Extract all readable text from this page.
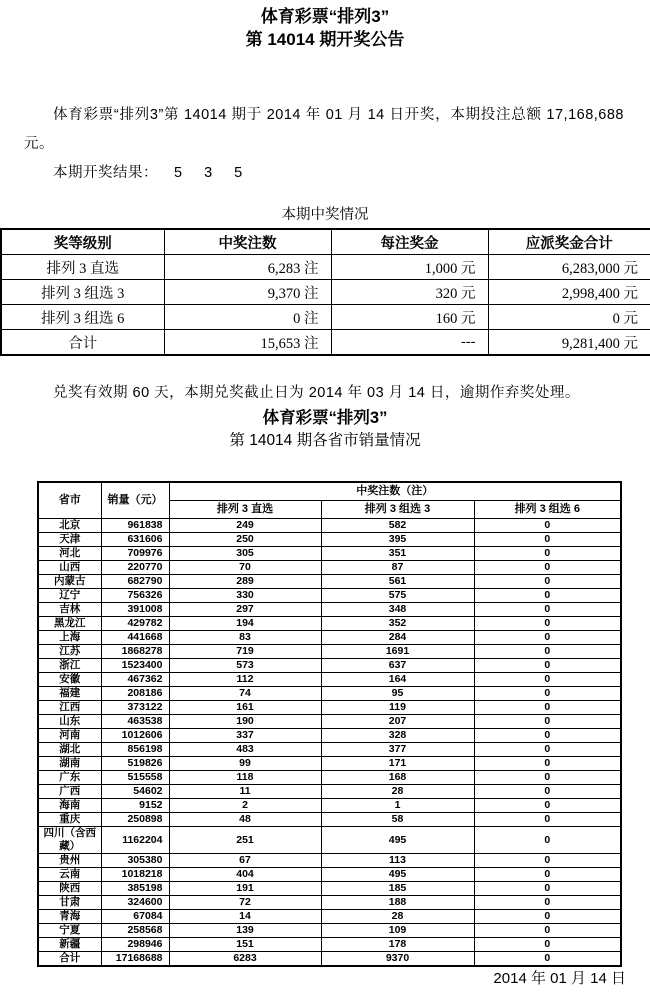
体育彩票“排列3”
第 14014 期开奖公告

体育彩票“排列3”第 14014 期于 2014 年 01 月 14 日开奖，本期投注总额 17,168,688 元。

本期开奖结果： 5 3 5

本期中奖情况
奖等级别	中奖注数	每注奖金	应派奖金合计
排列 3 直选	6,283 注	1,000 元	6,283,000 元
排列 3 组选 3	9,370 注	320 元	2,998,400 元
排列 3 组选 6	0 注	160 元	0 元
合计	15,653 注	---	9,281,400 元

兑奖有效期 60 天，本期兑奖截止日为 2014 年 03 月 14 日，逾期作弃奖处理。

体育彩票“排列3”
第 14014 期各省市销量情况
省市	销量（元）	中奖注数（注）		
		排列 3 直选	排列 3 组选 3	排列 3 组选 6
北京	961838	249	582	0
天津	631606	250	395	0
河北	709976	305	351	0
山西	220770	70	87	0
内蒙古	682790	289	561	0
辽宁	756326	330	575	0
吉林	391008	297	348	0
黑龙江	429782	194	352	0
上海	441668	83	284	0
江苏	1868278	719	1691	0
浙江	1523400	573	637	0
安徽	467362	112	164	0
福建	208186	74	95	0
江西	373122	161	119	0
山东	463538	190	207	0
河南	1012606	337	328	0
湖北	856198	483	377	0
湖南	519826	99	171	0
广东	515558	118	168	0
广西	54602	11	28	0
海南	9152	2	1	0
重庆	250898	48	58	0
四川（含西藏）	1162204	251	495	0
贵州	305380	67	113	0
云南	1018218	404	495	0
陕西	385198	191	185	0
甘肃	324600	72	188	0
青海	67084	14	28	0
宁夏	258568	139	109	0
新疆	298946	151	178	0
合计	17168688	6283	9370	0
2014 年 01 月 14 日
